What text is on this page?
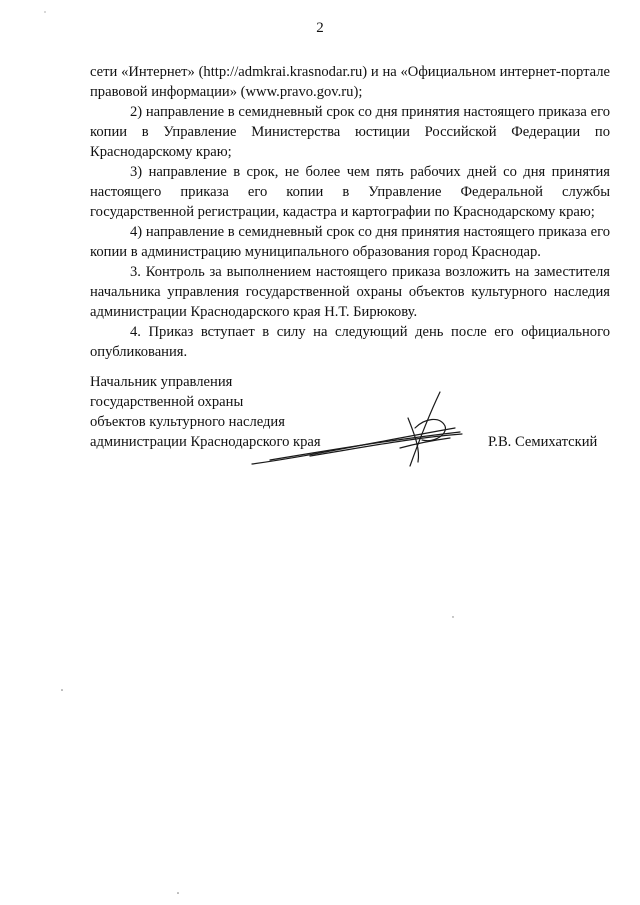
2

сети «Интернет» (http://admkrai.krasnodar.ru) и на «Официальном интернет-портале правовой информации» (www.pravo.gov.ru);

2) направление в семидневный срок со дня принятия настоящего приказа его копии в Управление Министерства юстиции Российской Федерации по Краснодарскому краю;

3) направление в срок, не более чем пять рабочих дней со дня принятия настоящего приказа его копии в Управление Федеральной службы государственной регистрации, кадастра и картографии по Краснодарскому краю;

4) направление в семидневный срок со дня принятия настоящего приказа его копии в администрацию муниципального образования город Краснодар.

3. Контроль за выполнением настоящего приказа возложить на заместителя начальника управления государственной охраны объектов культурного наследия администрации Краснодарского края Н.Т. Бирюкову.

4. Приказ вступает в силу на следующий день после его официального опубликования.

Начальник управления
государственной охраны
объектов культурного наследия
администрации Краснодарского края	Р.В. Семихатский
